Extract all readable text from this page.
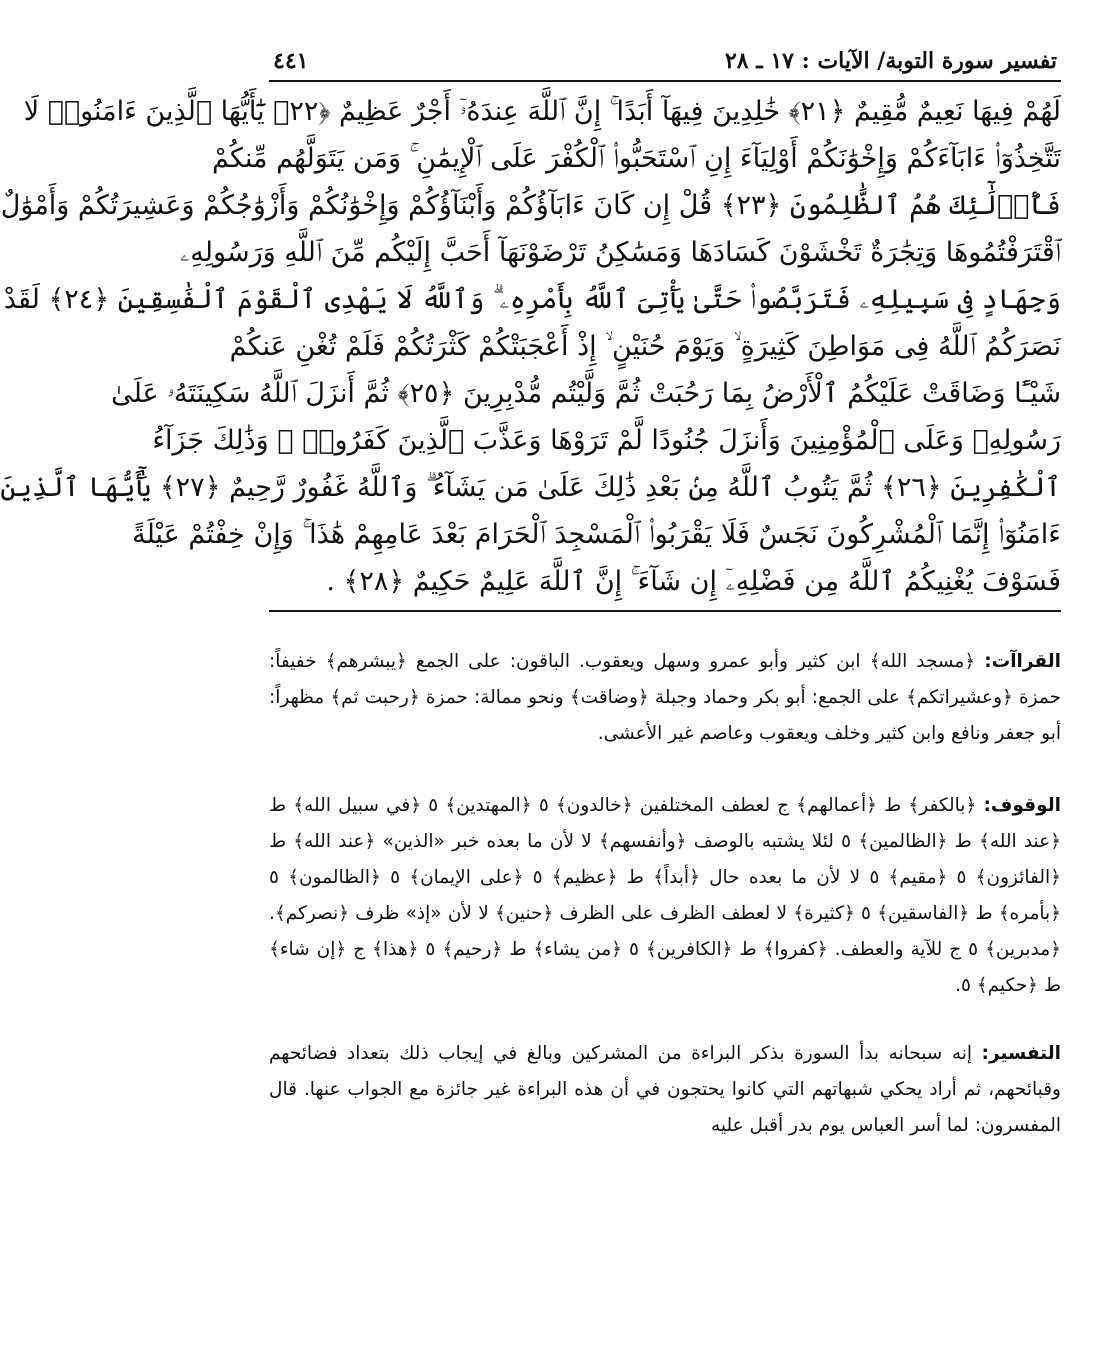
تفسير سورة التوبة/ الآيات : ١٧ ـ ٢٨
٤٤١
لَهُمْ فِيهَا نَعِيمٌ مُّقِيمٌ ﴿٢١﴾ خَٰلِدِينَ فِيهَآ أَبَدًا ۚ إِنَّ ٱللَّهَ عِندَهُۥٓ أَجْرٌ عَظِيمٌ ﴿٢٢﴾ يَٰٓأَيُّهَا ٱلَّذِينَ ءَامَنُوا۟ لَا
تَتَّخِذُوٓا۟ ءَابَآءَكُمْ وَإِخْوَٰنَكُمْ أَوْلِيَآءَ إِنِ ٱسْتَحَبُّوا۟ ٱلْكُفْرَ عَلَى ٱلْإِيمَٰنِ ۚ وَمَن يَتَوَلَّهُم مِّنكُمْ
فَأُو۟لَٰٓئِكَ هُمُ ٱلظَّٰلِمُونَ ﴿٢٣﴾ قُلْ إِن كَانَ ءَابَآؤُكُمْ وَأَبْنَآؤُكُمْ وَإِخْوَٰنُكُمْ وَأَزْوَٰجُكُمْ وَعَشِيرَتُكُمْ وَأَمْوَٰلٌ
ٱقْتَرَفْتُمُوهَا وَتِجَٰرَةٌ تَخْشَوْنَ كَسَادَهَا وَمَسَٰكِنُ تَرْضَوْنَهَآ أَحَبَّ إِلَيْكُم مِّنَ ٱللَّهِ وَرَسُولِهِۦ
وَجِهَادٍ فِى سَبِيلِهِۦ فَتَرَبَّصُوا۟ حَتَّىٰ يَأْتِىَ ٱللَّهُ بِأَمْرِهِۦ ۗ وَٱللَّهُ لَا يَهْدِى ٱلْقَوْمَ ٱلْفَٰسِقِينَ ﴿٢٤﴾ لَقَدْ
نَصَرَكُمُ ٱللَّهُ فِى مَوَاطِنَ كَثِيرَةٍ ۙ وَيَوْمَ حُنَيْنٍ ۙ إِذْ أَعْجَبَتْكُمْ كَثْرَتُكُمْ فَلَمْ تُغْنِ عَنكُمْ
شَيْـًٔا وَضَاقَتْ عَلَيْكُمُ ٱلْأَرْضُ بِمَا رَحُبَتْ ثُمَّ وَلَّيْتُم مُّدْبِرِينَ ﴿٢٥﴾ ثُمَّ أَنزَلَ ٱللَّهُ سَكِينَتَهُۥ عَلَىٰ
رَسُولِهِۦ وَعَلَى ٱلْمُؤْمِنِينَ وَأَنزَلَ جُنُودًا لَّمْ تَرَوْهَا وَعَذَّبَ ٱلَّذِينَ كَفَرُوا۟ ۚ وَذَٰلِكَ جَزَآءُ
ٱلْكَٰفِرِينَ ﴿٢٦﴾ ثُمَّ يَتُوبُ ٱللَّهُ مِنۢ بَعْدِ ذَٰلِكَ عَلَىٰ مَن يَشَآءُ ۗ وَٱللَّهُ غَفُورٌ رَّحِيمٌ ﴿٢٧﴾ يَٰٓأَيُّهَا ٱلَّذِينَ
ءَامَنُوٓا۟ إِنَّمَا ٱلْمُشْرِكُونَ نَجَسٌ فَلَا يَقْرَبُوا۟ ٱلْمَسْجِدَ ٱلْحَرَامَ بَعْدَ عَامِهِمْ هَٰذَا ۚ وَإِنْ خِفْتُمْ عَيْلَةً
فَسَوْفَ يُغْنِيكُمُ ٱللَّهُ مِن فَضْلِهِۦٓ إِن شَآءَ ۚ إِنَّ ٱللَّهَ عَلِيمٌ حَكِيمٌ ﴿٢٨﴾ .

القراآت: ﴿مسجد الله﴾ ابن كثير وأبو عمرو وسهل ويعقوب. الباقون: على الجمع ﴿يبشرهم﴾ خفيفاً: حمزة ﴿وعشيراتكم﴾ على الجمع: أبو بكر وحماد وجبلة ﴿وضاقت﴾ ونحو ممالة: حمزة ﴿رحبت ثم﴾ مظهراً: أبو جعفر ونافع وابن كثير وخلف ويعقوب وعاصم غير الأعشى.

الوقوف: ﴿بالكفر﴾ ط ﴿أعمالهم﴾ ج لعطف المختلفين ﴿خالدون﴾ ٥ ﴿المهتدين﴾ ٥ ﴿في سبيل الله﴾ ط ﴿عند الله﴾ ط ﴿الظالمين﴾ ٥ لئلا يشتبه بالوصف ﴿وأنفسهم﴾ لا لأن ما بعده خبر «الذين» ﴿عند الله﴾ ط ﴿الفائزون﴾ ٥ ﴿مقيم﴾ ٥ لا لأن ما بعده حال ﴿أبداً﴾ ط ﴿عظيم﴾ ٥ ﴿على الإيمان﴾ ٥ ﴿الظالمون﴾ ٥ ﴿بأمره﴾ ط ﴿الفاسقين﴾ ٥ ﴿كثيرة﴾ لا لعطف الظرف على الظرف ﴿حنين﴾ لا لأن «إذ» ظرف ﴿نصركم﴾. ﴿مدبرين﴾ ٥ ج للآية والعطف. ﴿كفروا﴾ ط ﴿الكافرين﴾ ٥ ﴿من يشاء﴾ ط ﴿رحيم﴾ ٥ ﴿هذا﴾ ج ﴿إن شاء﴾ ط ﴿حكيم﴾ ٥.

التفسير: إنه سبحانه بدأ السورة بذكر البراءة من المشركين وبالغ في إيجاب ذلك بتعداد فضائحهم وقبائحهم، ثم أراد يحكي شبهاتهم التي كانوا يحتجون في أن هذه البراءة غير جائزة مع الجواب عنها. قال المفسرون: لما أسر العباس يوم بدر أقبل عليه
